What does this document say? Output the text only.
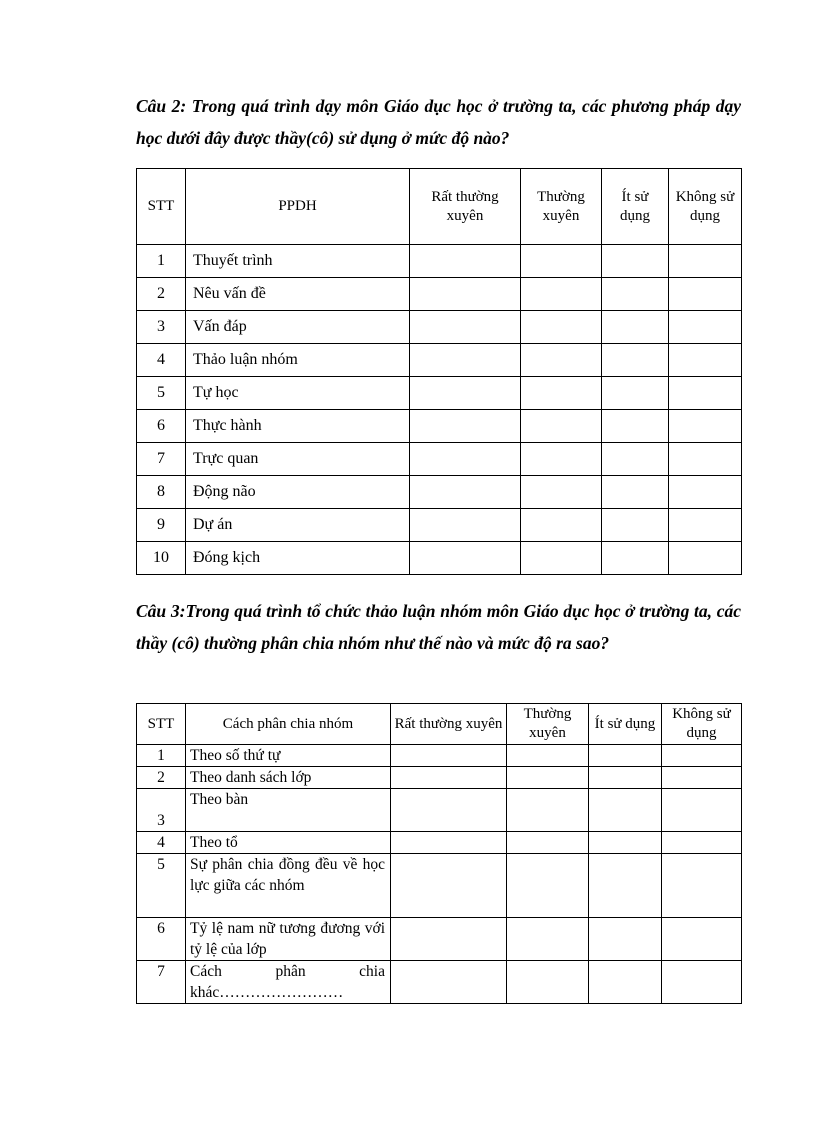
Câu 2: Trong quá trình dạy môn Giáo dục học ở trường ta, các phương pháp dạy học dưới đây được thầy(cô) sử dụng ở mức độ nào?

STT	PPDH	Rất thường xuyên	Thường xuyên	Ít sử dụng	Không sử dụng
1	Thuyết trình				
2	Nêu vấn đề				
3	Vấn đáp				
4	Thảo luận nhóm				
5	Tự học				
6	Thực hành				
7	Trực quan				
8	Động não				
9	Dự án				
10	Đóng kịch				

Câu 3:Trong quá trình tổ chức thảo luận nhóm môn Giáo dục học ở trường ta, các thầy (cô) thường phân chia nhóm như thế nào và mức độ ra sao?

STT	Cách phân chia nhóm	Rất thường xuyên	Thường xuyên	Ít sử dụng	Không sử dụng
1	Theo số thứ tự				
2	Theo danh sách lớp				
3	Theo bàn				
4	Theo tổ				
5	Sự phân chia đồng đều về học lực giữa các nhóm				
6	Tỷ lệ nam nữ tương đương với tỷ lệ của lớp				
7	Cách phân chia
khác……………………				
